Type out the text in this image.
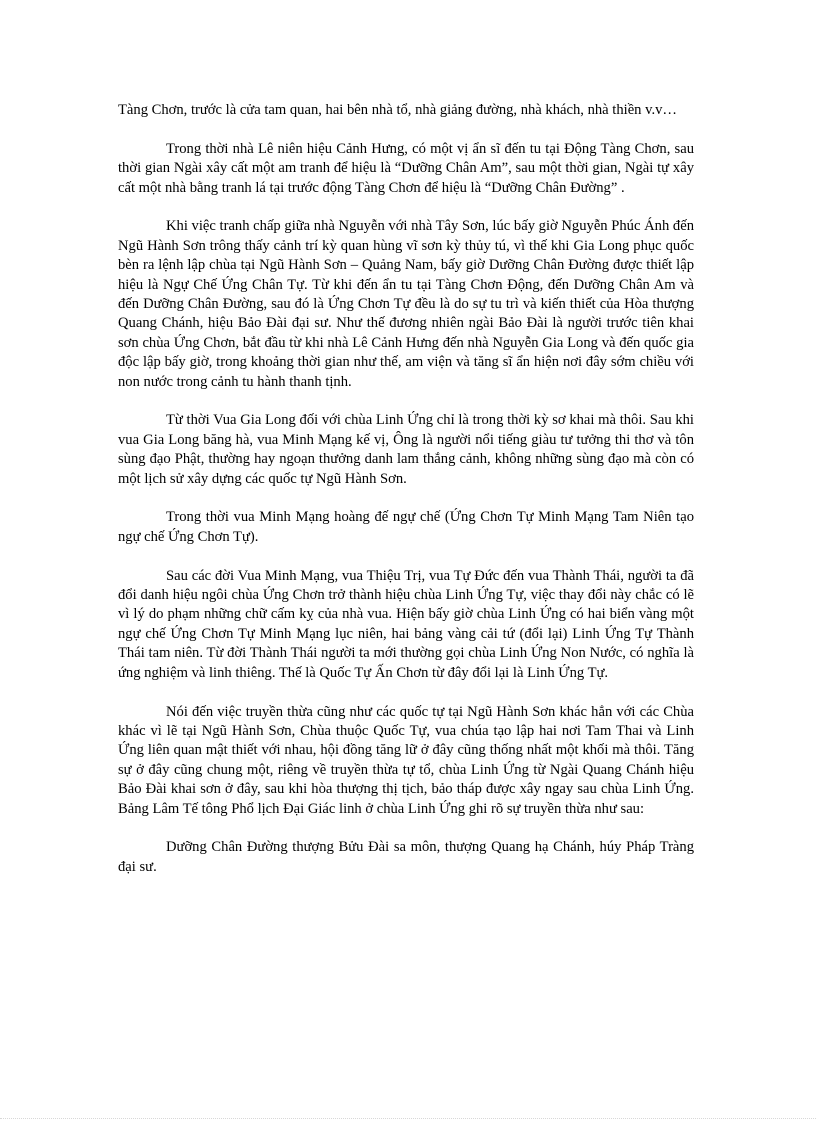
Tàng Chơn, trước là cửa tam quan, hai bên nhà tổ, nhà giảng đường, nhà khách, nhà thiền v.v…

Trong thời nhà Lê niên hiệu Cảnh Hưng, có một vị ẩn sĩ đến tu tại Động Tàng Chơn, sau thời gian Ngài xây cất một am tranh để hiệu là “Dưỡng Chân Am”, sau một thời gian, Ngài tự xây cất một nhà bằng tranh lá tại trước động Tàng Chơn để hiệu là “Dưỡng Chân Đường” .

Khi việc tranh chấp giữa nhà Nguyễn với nhà Tây Sơn, lúc bấy giờ Nguyễn Phúc Ánh đến Ngũ Hành Sơn trông thấy cảnh trí kỳ quan hùng vĩ sơn kỳ thủy tú, vì thế khi Gia Long phục quốc bèn ra lệnh lập chùa tại Ngũ Hành Sơn – Quảng Nam, bấy giờ Dưỡng Chân Đường được thiết lập hiệu là Ngự Chế Ứng Chân Tự. Từ khi đến ẩn tu tại Tàng Chơn Động, đến Dưỡng Chân Am và đến Dưỡng Chân Đường, sau đó là Ứng Chơn Tự đều là do sự tu trì và kiến thiết của Hòa thượng Quang Chánh, hiệu Bảo Đài đại sư. Như thế đương nhiên ngài Bảo Đài là người trước tiên khai sơn chùa Ứng Chơn, bắt đầu từ khi nhà Lê Cảnh Hưng đến nhà Nguyễn Gia Long và đến quốc gia độc lập bấy giờ, trong khoảng thời gian như thế, am viện và tăng sĩ ẩn hiện nơi đây sớm chiều với non nước trong cảnh tu hành thanh tịnh.

Từ thời Vua Gia Long đối với chùa Linh Ứng chỉ là trong thời kỳ sơ khai mà thôi. Sau khi vua Gia Long băng hà, vua Minh Mạng kế vị, Ông là người nổi tiếng giàu tư tưởng thi thơ và tôn sùng đạo Phật, thường hay ngoạn thưởng danh lam thắng cảnh, không những sùng đạo mà còn có một lịch sử xây dựng các quốc tự Ngũ Hành Sơn.

Trong thời vua Minh Mạng hoàng đế ngự chế (Ứng Chơn Tự Minh Mạng Tam Niên tạo ngự chế Ứng Chơn Tự).

Sau các đời Vua Minh Mạng, vua Thiệu Trị, vua Tự Đức đến vua Thành Thái, người ta đã đổi danh hiệu ngôi chùa Ứng Chơn trở thành hiệu chùa Linh Ứng Tự, việc thay đổi này chắc có lẽ vì lý do phạm những chữ cấm kỵ của nhà vua. Hiện bấy giờ chùa Linh Ứng có hai biển vàng một ngự chế Ứng Chơn Tự Minh Mạng lục niên, hai bảng vàng cải tứ (đổi lại) Linh Ứng Tự Thành Thái tam niên. Từ đời Thành Thái người ta mới thường gọi chùa Linh Ứng Non Nước, có nghĩa là ứng nghiệm và linh thiêng. Thế là Quốc Tự Ấn Chơn từ đây đổi lại là Linh Ứng Tự.

Nói đến việc truyền thừa cũng như các quốc tự tại Ngũ Hành Sơn khác hẳn với các Chùa khác vì lẽ tại Ngũ Hành Sơn, Chùa thuộc Quốc Tự, vua chúa tạo lập hai nơi Tam Thai và Linh Ứng liên quan mật thiết với nhau, hội đồng tăng lữ ở đây cũng thống nhất một khối mà thôi. Tăng sự ở đây cũng chung một, riêng về truyền thừa tự tổ, chùa Linh Ứng từ Ngài Quang Chánh hiệu Bảo Đài khai sơn ở đây, sau khi hòa thượng thị tịch, bảo tháp được xây ngay sau chùa Linh Ứng. Bảng Lâm Tế tông Phổ lịch Đại Giác linh ở chùa Linh Ứng ghi rõ sự truyền thừa như sau:

Dưỡng Chân Đường thượng Bửu Đài sa môn, thượng Quang hạ Chánh, húy Pháp Tràng đại sư.
